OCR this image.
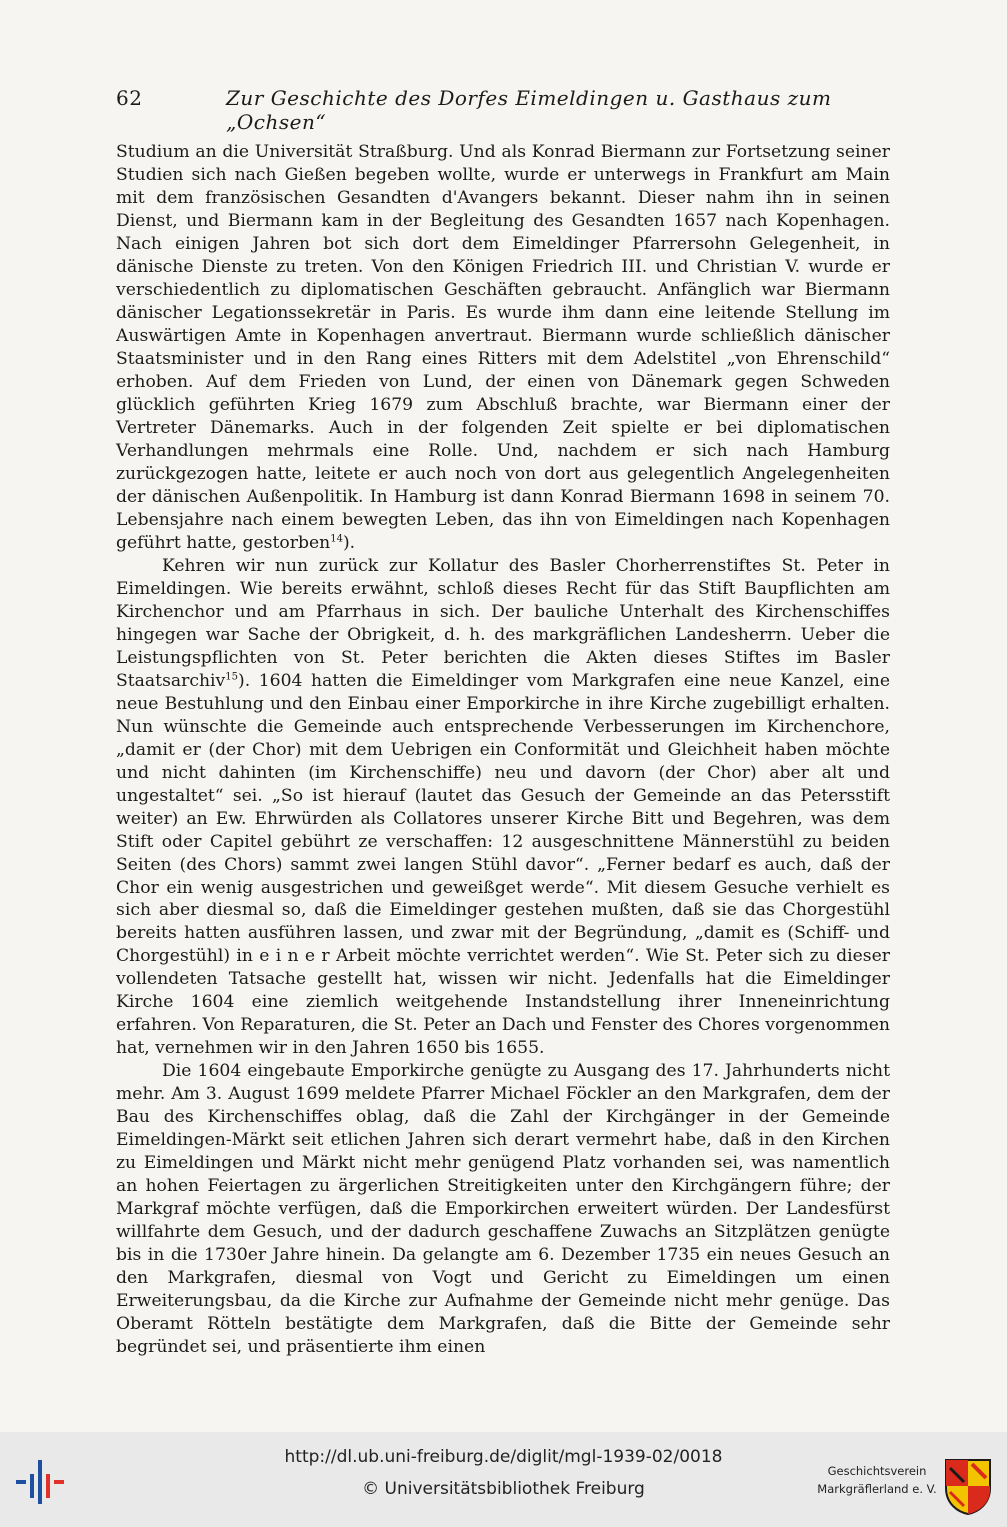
62	Zur Geschichte des Dorfes Eimeldingen u. Gasthaus zum „Ochsen“

Studium an die Universität Straßburg. Und als Konrad Biermann zur Fortsetzung seiner Studien sich nach Gießen begeben wollte, wurde er unterwegs in Frankfurt am Main mit dem französischen Gesandten d'Avangers bekannt. Dieser nahm ihn in seinen Dienst, und Biermann kam in der Begleitung des Gesandten 1657 nach Kopenhagen. Nach einigen Jahren bot sich dort dem Eimeldinger Pfarrersohn Gelegenheit, in dänische Dienste zu treten. Von den Königen Friedrich III. und Christian V. wurde er verschiedentlich zu diplomatischen Geschäften gebraucht. Anfänglich war Biermann dänischer Legationssekretär in Paris. Es wurde ihm dann eine leitende Stellung im Auswärtigen Amte in Kopenhagen anvertraut. Biermann wurde schließlich dänischer Staatsminister und in den Rang eines Ritters mit dem Adelstitel „von Ehrenschild“ erhoben. Auf dem Frieden von Lund, der einen von Dänemark gegen Schweden glücklich geführten Krieg 1679 zum Abschluß brachte, war Biermann einer der Vertreter Dänemarks. Auch in der folgenden Zeit spielte er bei diplomatischen Verhandlungen mehrmals eine Rolle. Und, nachdem er sich nach Hamburg zurückgezogen hatte, leitete er auch noch von dort aus gelegentlich Angelegenheiten der dänischen Außenpolitik. In Hamburg ist dann Konrad Biermann 1698 in seinem 70. Lebensjahre nach einem bewegten Leben, das ihn von Eimeldingen nach Kopenhagen geführt hatte, gestorben$^{14}$).

Kehren wir nun zurück zur Kollatur des Basler Chorherrenstiftes St. Peter in Eimeldingen. Wie bereits erwähnt, schloß dieses Recht für das Stift Baupflichten am Kirchenchor und am Pfarrhaus in sich. Der bauliche Unterhalt des Kirchenschiffes hingegen war Sache der Obrigkeit, d. h. des markgräflichen Landesherrn. Ueber die Leistungspflichten von St. Peter berichten die Akten dieses Stiftes im Basler Staatsarchiv$^{15}$). 1604 hatten die Eimeldinger vom Markgrafen eine neue Kanzel, eine neue Bestuhlung und den Einbau einer Emporkirche in ihre Kirche zugebilligt erhalten. Nun wünschte die Gemeinde auch entsprechende Verbesserungen im Kirchenchore, „damit er (der Chor) mit dem Uebrigen ein Conformität und Gleichheit haben möchte und nicht dahinten (im Kirchenschiffe) neu und davorn (der Chor) aber alt und ungestaltet“ sei. „So ist hierauf (lautet das Gesuch der Gemeinde an das Petersstift weiter) an Ew. Ehrwürden als Collatores unserer Kirche Bitt und Begehren, was dem Stift oder Capitel gebührt ze verschaffen: 12 ausgeschnittene Männerstühl zu beiden Seiten (des Chors) sammt zwei langen Stühl davor“. „Ferner bedarf es auch, daß der Chor ein wenig ausgestrichen und geweißget werde“. Mit diesem Gesuche verhielt es sich aber diesmal so, daß die Eimeldinger gestehen mußten, daß sie das Chorgestühl bereits hatten ausführen lassen, und zwar mit der Begründung, „damit es (Schiff- und Chorgestühl) in e i n e r Arbeit möchte verrichtet werden“. Wie St. Peter sich zu dieser vollendeten Tatsache gestellt hat, wissen wir nicht. Jedenfalls hat die Eimeldinger Kirche 1604 eine ziemlich weitgehende Instandstellung ihrer Inneneinrichtung erfahren. Von Reparaturen, die St. Peter an Dach und Fenster des Chores vorgenommen hat, vernehmen wir in den Jahren 1650 bis 1655.

Die 1604 eingebaute Emporkirche genügte zu Ausgang des 17. Jahrhunderts nicht mehr. Am 3. August 1699 meldete Pfarrer Michael Föckler an den Markgrafen, dem der Bau des Kirchenschiffes oblag, daß die Zahl der Kirchgänger in der Gemeinde Eimeldingen-Märkt seit etlichen Jahren sich derart vermehrt habe, daß in den Kirchen zu Eimeldingen und Märkt nicht mehr genügend Platz vorhanden sei, was namentlich an hohen Feiertagen zu ärgerlichen Streitigkeiten unter den Kirchgängern führe; der Markgraf möchte verfügen, daß die Emporkirchen erweitert würden. Der Landesfürst willfahrte dem Gesuch, und der dadurch geschaffene Zuwachs an Sitzplätzen genügte bis in die 1730er Jahre hinein. Da gelangte am 6. Dezember 1735 ein neues Gesuch an den Markgrafen, diesmal von Vogt und Gericht zu Eimeldingen um einen Erweiterungsbau, da die Kirche zur Aufnahme der Gemeinde nicht mehr genüge. Das Oberamt Rötteln bestätigte dem Markgrafen, daß die Bitte der Gemeinde sehr begründet sei, und präsentierte ihm einen

http://dl.ub.uni-freiburg.de/diglit/mgl-1939-02/0018
© Universitätsbibliothek Freiburg
Geschichtsverein
Markgräflerland e. V.
